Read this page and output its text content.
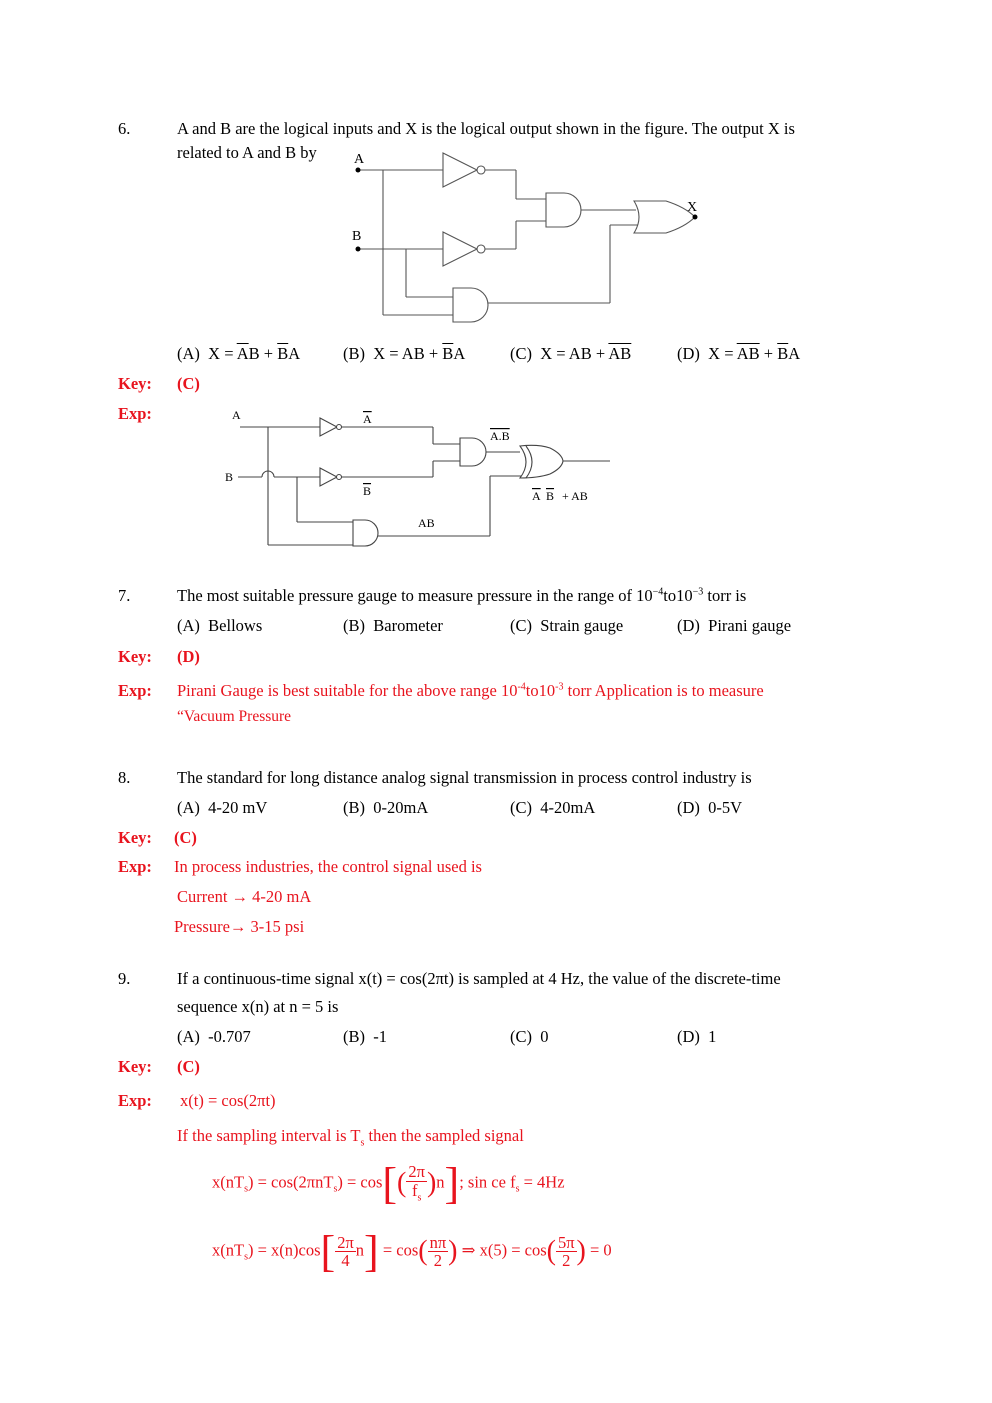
6.	A and B are the logical inputs and X is the logical output shown in the figure. The output X is
related to A and B by	A
B
X
(A) $X = \overline{A}B + \overline{B}A$	(B) X = AB + $\overline{B}A$	(C) X = AB + $\overline{AB}$	(D) $X = \overline{AB} + \overline{B}A$
Key: (C)
Exp:	A
B
A
B
A.B
AB
A B + AB
7.	The most suitable pressure gauge to measure pressure in the range of $10^{-4}to10^{-3}$ torr is
(A) Bellows	(B) Barometer	(C) Strain gauge	(D) Pirani gauge
Key: (D)
Exp: Pirani Gauge is best suitable for the above range $10^{-4}to10^{-3}$ torr Application is to measure
“Vacuum Pressure
8.	The standard for long distance analog signal transmission in process control industry is
(A) 4-20 mV	(B) 0-20mA	(C) 4-20mA	(D) 0-5V
Key: (C)
Exp: In process industries, the control signal used is
Current → 4-20 mA
Pressure→ 3-15 psi
9.	If a continuous-time signal x(t) = cos(2πt) is sampled at 4 Hz, the value of the discrete-time
sequence x(n) at n = 5 is
(A) -0.707	(B) -1	(C) 0	(D) 1
Key: (C)
Exp: x(t) = cos(2πt)
If the sampling interval is $T_s$ then the sampled signal
$x(nT_s) = \cos(2\pi nT_s) = \cos[( \frac{2\pi}{f_s} )n]$; sin ce $f_s = 4Hz$
$x(nT_s) = x(n)\cos[ \frac{2\pi}{4} n] = \cos( \frac{n\pi}{2}$ ) ⇒ $x(5) = \cos( \frac{5\pi}{2}$ ) = 0
